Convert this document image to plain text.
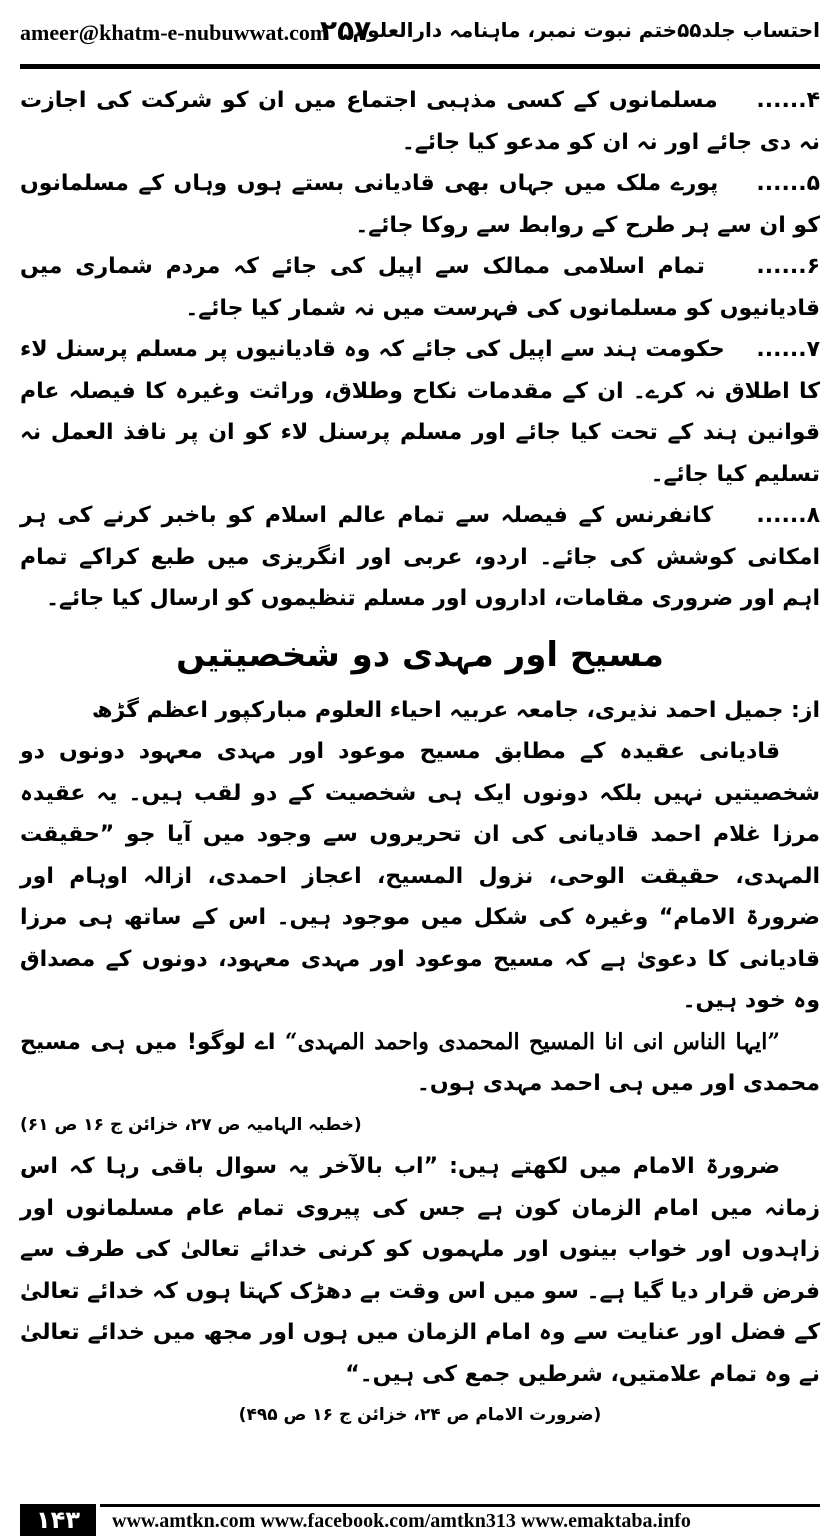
ameer@khatm-e-nubuwwat.com
۲۵۷
احتساب جلد۵۵ختم نبوت نمبر، ماہنامہ دارالعلوم

۴......    مسلمانوں کے کسی مذہبی اجتماع میں ان کو شرکت کی اجازت نہ دی جائے اور نہ ان کو مدعو کیا جائے۔

۵......    پورے ملک میں جہاں بھی قادیانی بستے ہوں وہاں کے مسلمانوں کو ان سے ہر طرح کے روابط سے روکا جائے۔

۶......    تمام اسلامی ممالک سے اپیل کی جائے کہ مردم شماری میں قادیانیوں کو مسلمانوں کی فہرست میں نہ شمار کیا جائے۔

۷......    حکومت ہند سے اپیل کی جائے کہ وہ قادیانیوں پر مسلم پرسنل لاء کا اطلاق نہ کرے۔ ان کے مقدمات نکاح وطلاق، وراثت وغیرہ کا فیصلہ عام قوانین ہند کے تحت کیا جائے اور مسلم پرسنل لاء کو ان پر نافذ العمل نہ تسلیم کیا جائے۔

۸......    کانفرنس کے فیصلہ سے تمام عالم اسلام کو باخبر کرنے کی ہر امکانی کوشش کی جائے۔ اردو، عربی اور انگریزی میں طبع کراکے تمام اہم اور ضروری مقامات، اداروں اور مسلم تنظیموں کو ارسال کیا جائے۔

مسیح اور مہدی دو شخصیتیں

از: جمیل احمد نذیری، جامعہ عربیہ احیاء العلوم مبارکپور اعظم گڑھ

قادیانی عقیدہ کے مطابق مسیح موعود اور مہدی معہود دونوں دو شخصیتیں نہیں بلکہ دونوں ایک ہی شخصیت کے دو لقب ہیں۔ یہ عقیدہ مرزا غلام احمد قادیانی کی ان تحریروں سے وجود میں آیا جو ”حقیقت المہدی، حقیقت الوحی، نزول المسیح، اعجاز احمدی، ازالہ اوہام اور ضرورۃ الامام“ وغیرہ کی شکل میں موجود ہیں۔ اس کے ساتھ ہی مرزا قادیانی کا دعویٰ ہے کہ مسیح موعود اور مہدی معہود، دونوں کے مصداق وہ خود ہیں۔

”ایہا الناس انی انا المسیح المحمدی واحمد المہدی“ اے لوگو! میں ہی مسیح محمدی اور میں ہی احمد مہدی ہوں۔

(خطبہ الہامیہ ص ۲۷، خزائن ج ۱۶ ص ۶۱)

ضرورۃ الامام میں لکھتے ہیں: ”اب بالآخر یہ سوال باقی رہا کہ اس زمانہ میں امام الزمان کون ہے جس کی پیروی تمام عام مسلمانوں اور زاہدوں اور خواب بینوں اور ملہموں کو کرنی خدائے تعالیٰ کی طرف سے فرض قرار دیا گیا ہے۔ سو میں اس وقت بے دھڑک کہتا ہوں کہ خدائے تعالیٰ کے فضل اور عنایت سے وہ امام الزمان میں ہوں اور مجھ میں خدائے تعالیٰ نے وہ تمام علامتیں، شرطیں جمع کی ہیں۔“

(ضرورت الامام ص ۲۴، خزائن ج ۱۶ ص ۴۹۵)

۱۴۳	www.amtkn.com www.facebook.com/amtkn313 www.emaktaba.info
